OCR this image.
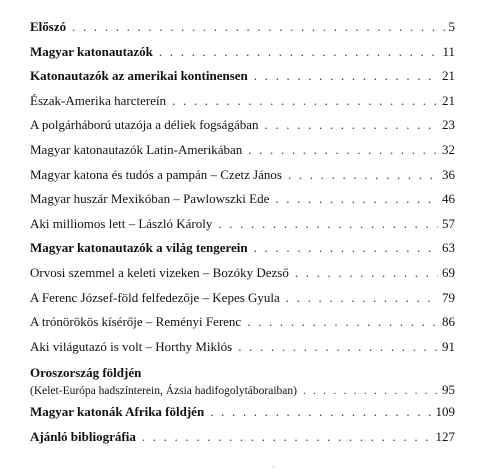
Előszó . . .	5
Magyar katonautazók . . .	11
Katonautazók az amerikai kontinensen . . .	21
Észak-Amerika harctereín . . .	21
A polgárháború utazója a déliek fogságában . . .	23
Magyar katonautazók Latin-Amerikában . . .	32
Magyar katona és tudós a pampán – Czetz János . . .	36
Magyar huszár Mexikóban – Pawlowszki Ede . . .	46
Aki milliomos lett – László Károly . . .	57
Magyar katonautazók a világ tengerein . . .	63
Orvosi szemmel a keleti vizeken – Bozóky Dezső . . .	69
A Ferenc József-föld felfedezője – Kepes Gyula . . .	79
A trónörökös kísérője – Reményi Ferenc . . .	86
Aki világutazó is volt – Horthy Miklós . . .	91
Oroszország földjén
(Kelet-Európa hadszínterein, Ázsia hadifogolytáboraiban) . . .	95
Magyar katonák Afrika földjén . . .	109
Ajánló bibliográfia . . .	127
·
